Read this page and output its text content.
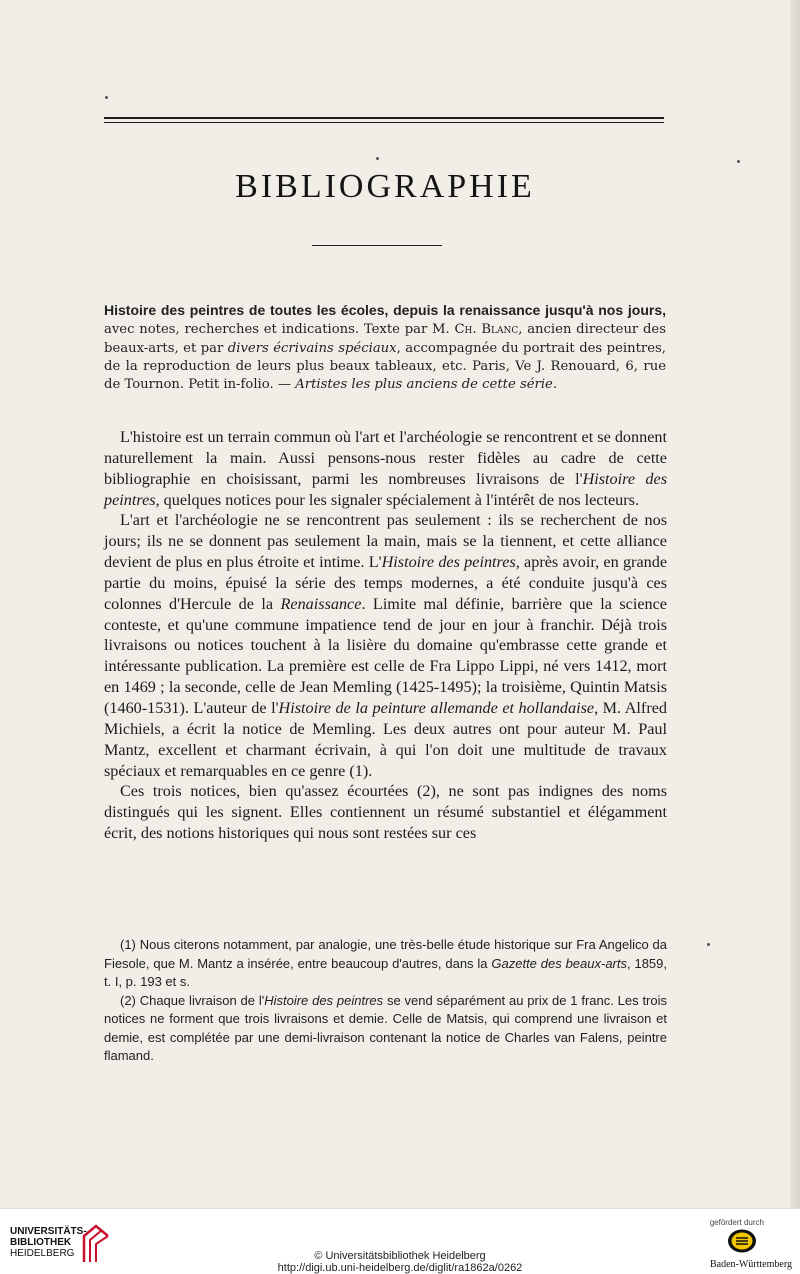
BIBLIOGRAPHIE
Histoire des peintres de toutes les écoles, depuis la renaissance jusqu'à nos jours, avec notes, recherches et indications. Texte par M. Ch. Blanc, ancien directeur des beaux-arts, et par divers écrivains spéciaux, accompagnée du portrait des peintres, de la reproduction de leurs plus beaux tableaux, etc. Paris, Ve J. Renouard, 6, rue de Tournon. Petit in-folio. — Artistes les plus anciens de cette série.

L'histoire est un terrain commun où l'art et l'archéologie se rencontrent et se donnent naturellement la main. Aussi pensons-nous rester fidèles au cadre de cette bibliographie en choisissant, parmi les nombreuses livraisons de l'Histoire des peintres, quelques notices pour les signaler spécialement à l'intérêt de nos lecteurs.

L'art et l'archéologie ne se rencontrent pas seulement : ils se recherchent de nos jours; ils ne se donnent pas seulement la main, mais se la tiennent, et cette alliance devient de plus en plus étroite et intime. L'Histoire des peintres, après avoir, en grande partie du moins, épuisé la série des temps modernes, a été conduite jusqu'à ces colonnes d'Hercule de la Renaissance. Limite mal définie, barrière que la science conteste, et qu'une commune impatience tend de jour en jour à franchir. Déjà trois livraisons ou notices touchent à la lisière du domaine qu'embrasse cette grande et intéressante publication. La première est celle de Fra Lippo Lippi, né vers 1412, mort en 1469 ; la seconde, celle de Jean Memling (1425-1495); la troisième, Quintin Matsis (1460-1531). L'auteur de l'Histoire de la peinture allemande et hollandaise, M. Alfred Michiels, a écrit la notice de Memling. Les deux autres ont pour auteur M. Paul Mantz, excellent et charmant écrivain, à qui l'on doit une multitude de travaux spéciaux et remarquables en ce genre (1).

Ces trois notices, bien qu'assez écourtées (2), ne sont pas indignes des noms distingués qui les signent. Elles contiennent un résumé substantiel et élégamment écrit, des notions historiques qui nous sont restées sur ces

(1) Nous citerons notamment, par analogie, une très-belle étude historique sur Fra Angelico da Fiesole, que M. Mantz a insérée, entre beaucoup d'autres, dans la Gazette des beaux-arts, 1859, t. I, p. 193 et s.

(2) Chaque livraison de l'Histoire des peintres se vend séparément au prix de 1 franc. Les trois notices ne forment que trois livraisons et demie. Celle de Matsis, qui comprend une livraison et demie, est complétée par une demi-livraison contenant la notice de Charles van Falens, peintre flamand.

UNIVERSITÄTS-
BIBLIOTHEK
HEIDELBERG	© Universitätsbibliothek Heidelberg
http://digi.ub.uni-heidelberg.de/diglit/ra1862a/0262
gefördert durch
Baden-Württemberg
